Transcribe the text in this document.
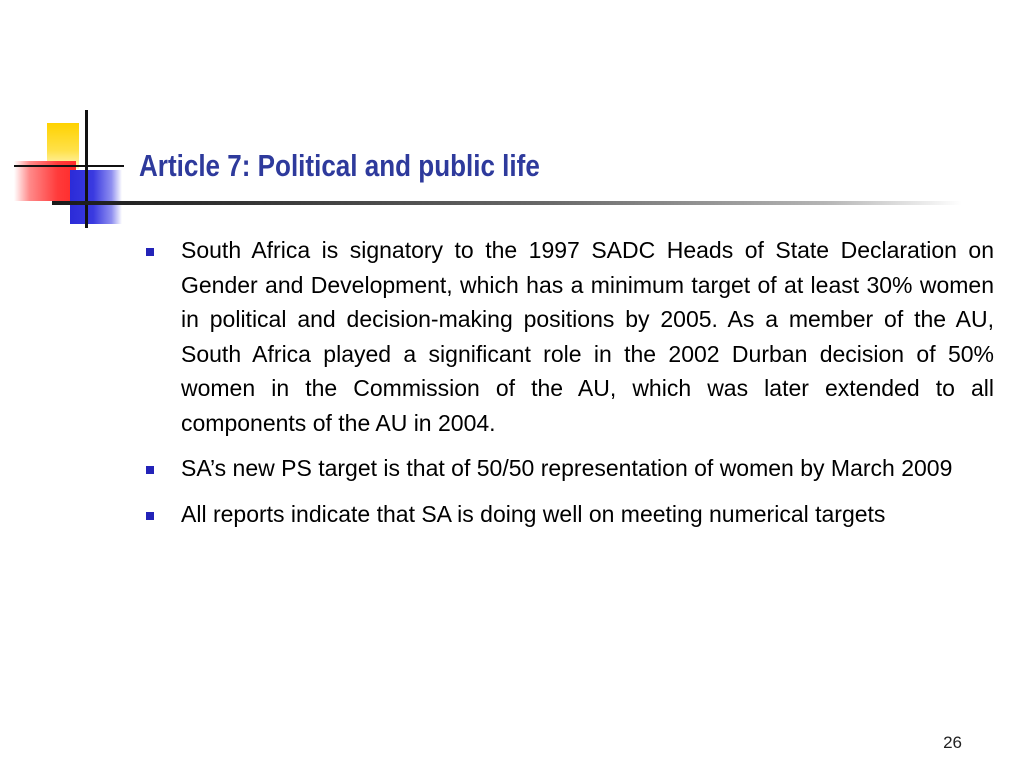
Article 7: Political and public life
South Africa is signatory to the 1997 SADC Heads of State Declaration on Gender and Development, which has a minimum target of at least 30% women in political and decision-making positions by 2005. As a member of the AU, South Africa played a significant role in the 2002 Durban decision of 50% women in the Commission of the AU, which was later extended to all components of the AU in 2004.
SA’s new PS target is that of 50/50 representation of women by March 2009
All reports indicate that SA is doing well on meeting numerical targets
26
